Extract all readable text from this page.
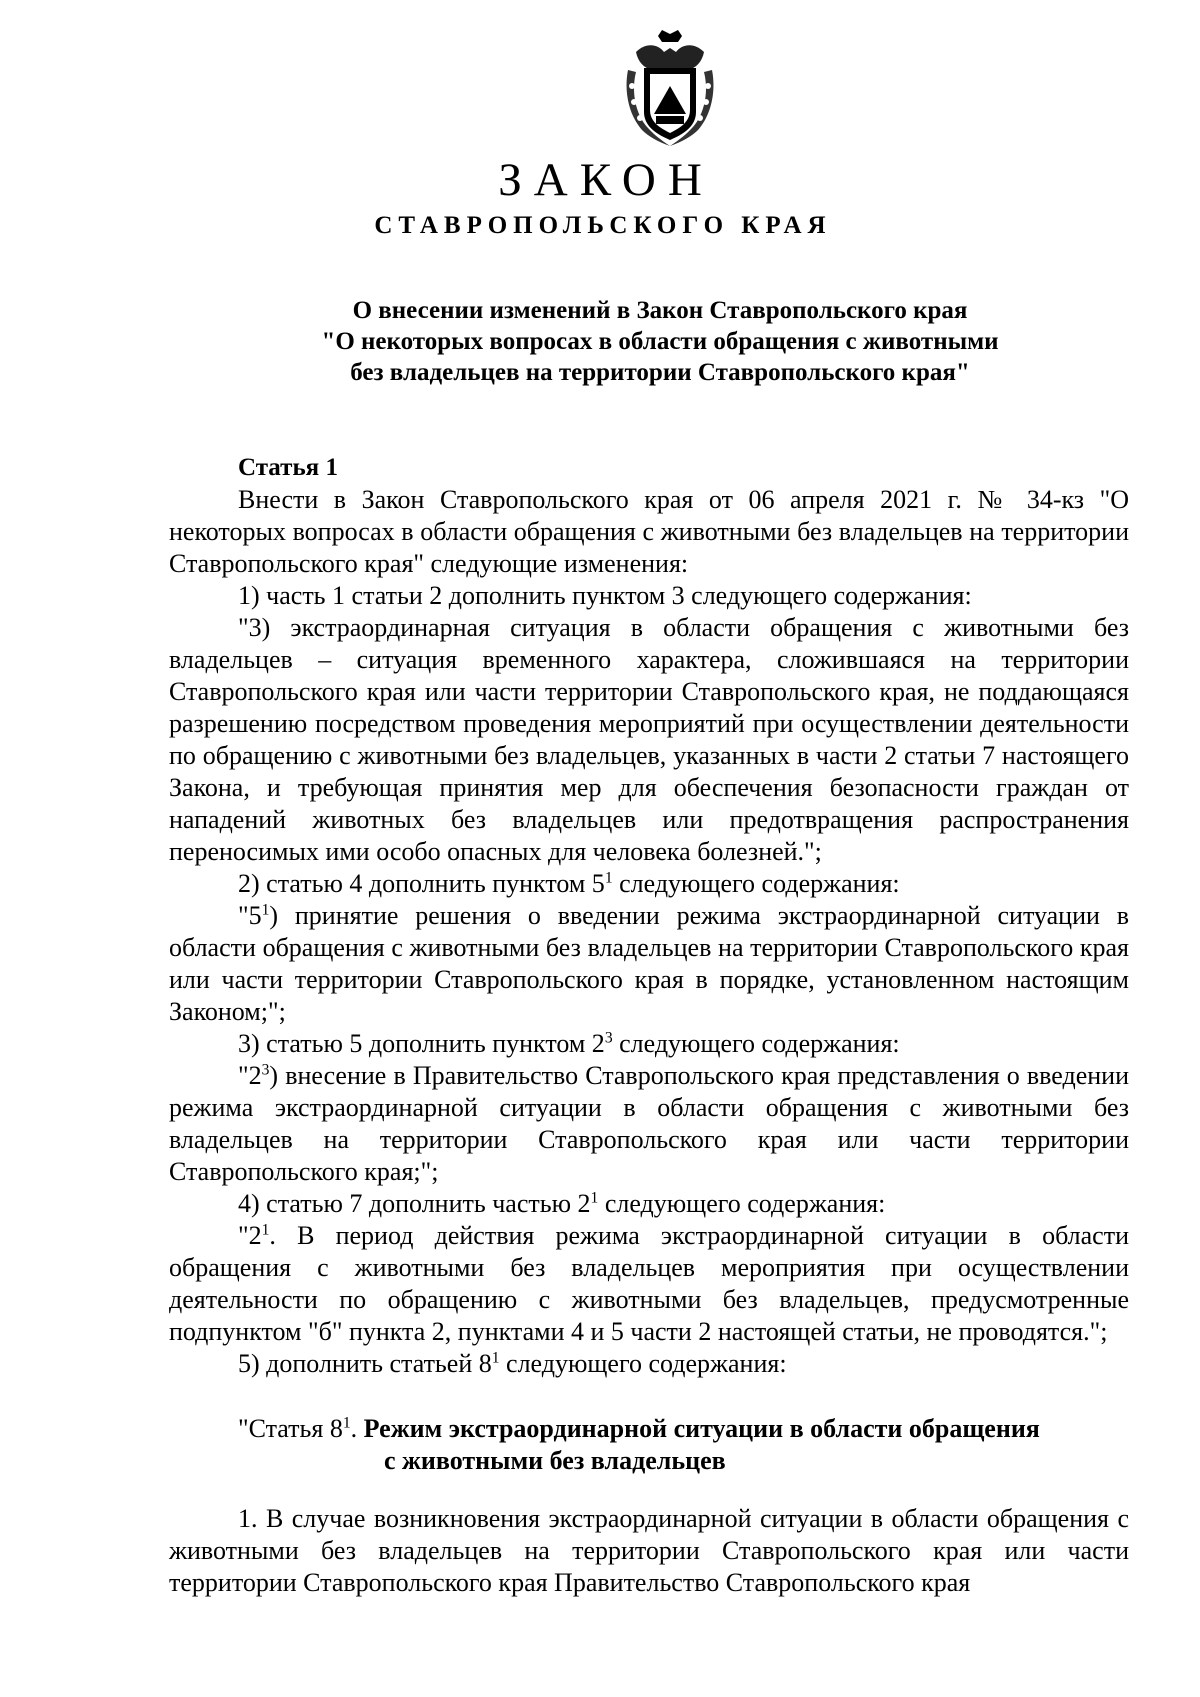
ЗАКОН
СТАВРОПОЛЬСКОГО КРАЯ
О внесении изменений в Закон Ставропольского края
"О некоторых вопросах в области обращения с животными
без владельцев на территории Ставропольского края"
Статья 1

Внести в Закон Ставропольского края от 06 апреля 2021 г. № 34-кз "О некоторых вопросах в области обращения с животными без владельцев на территории Ставропольского края" следующие изменения:

1) часть 1 статьи 2 дополнить пунктом 3 следующего содержания:

"3) экстраординарная ситуация в области обращения с животными без владельцев – ситуация временного характера, сложившаяся на территории Ставропольского края или части территории Ставропольского края, не поддающаяся разрешению посредством проведения мероприятий при осуществлении деятельности по обращению с животными без владельцев, указанных в части 2 статьи 7 настоящего Закона, и требующая принятия мер для обеспечения безопасности граждан от нападений животных без владельцев или предотвращения распространения переносимых ими особо опасных для человека болезней.";

2) статью 4 дополнить пунктом $5^1$ следующего содержания:

"$5^1$) принятие решения о введении режима экстраординарной ситуации в области обращения с животными без владельцев на территории Ставропольского края или части территории Ставропольского края в порядке, установленном настоящим Законом;";

3) статью 5 дополнить пунктом $2^3$ следующего содержания:

"$2^3$) внесение в Правительство Ставропольского края представления о введении режима экстраординарной ситуации в области обращения с животными без владельцев на территории Ставропольского края или части территории Ставропольского края;";

4) статью 7 дополнить частью $2^1$ следующего содержания:

"$2^1$. В период действия режима экстраординарной ситуации в области обращения с животными без владельцев мероприятия при осуществлении деятельности по обращению с животными без владельцев, предусмотренные подпунктом "б" пункта 2, пунктами 4 и 5 части 2 настоящей статьи, не проводятся.";

5) дополнить статьей $8^1$ следующего содержания:

"Статья $8^1$. Режим экстраординарной ситуации в области обращения
с животными без владельцев
1. В случае возникновения экстраординарной ситуации в области обращения с животными без владельцев на территории Ставропольского края или части территории Ставропольского края Правительство Ставропольского края
